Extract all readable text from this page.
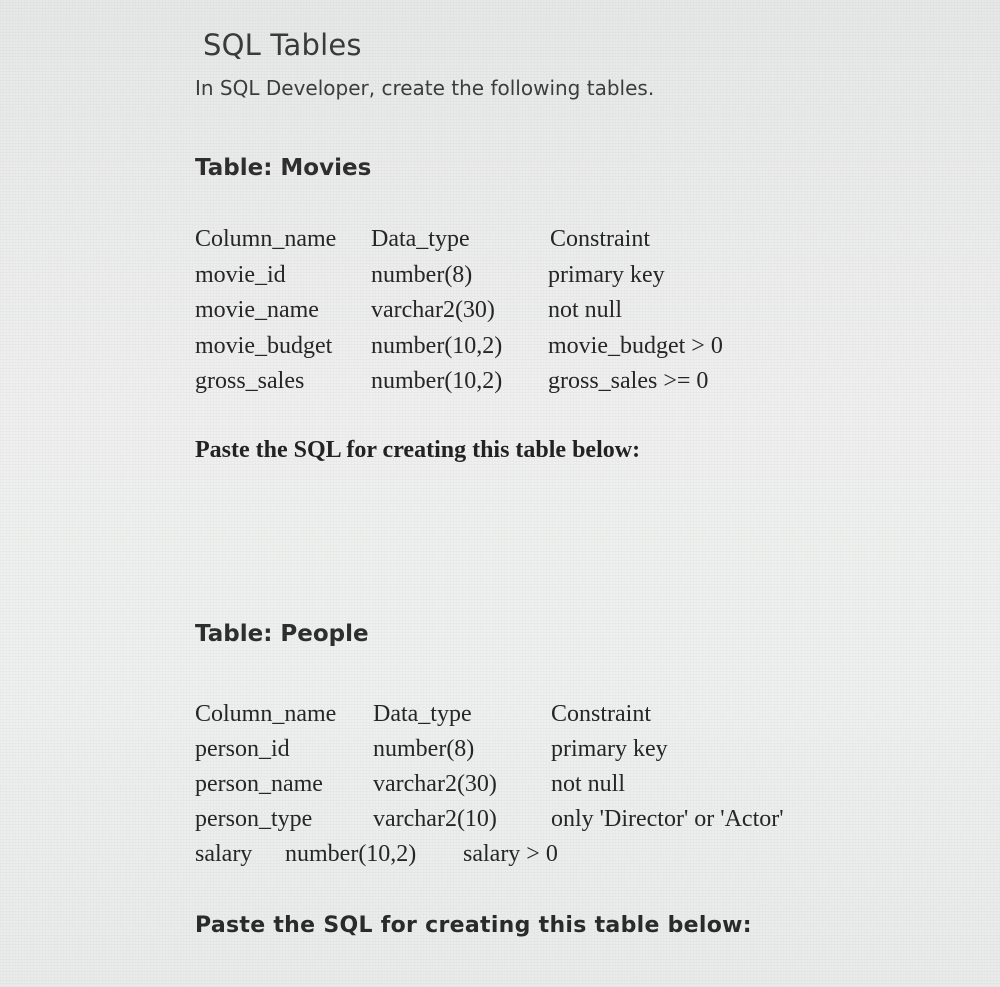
SQL Tables
In SQL Developer, create the following tables.
Table: Movies
Column_name Data_type	Constraint
movie_id	number(8)	primary key
movie_name varchar2(30) not null
movie_budget number(10,2) movie_budget > 0
gross_sales	number(10,2) gross_sales >= 0
Paste the SQL for creating this table below:
Table: People
Column_name Data_type	Constraint
person_id	number(8)	primary key
person_name varchar2(30) not null
person_type	varchar2(10) only 'Director' or 'Actor'
salary number(10,2) salary > 0
Paste the SQL for creating this table below:
